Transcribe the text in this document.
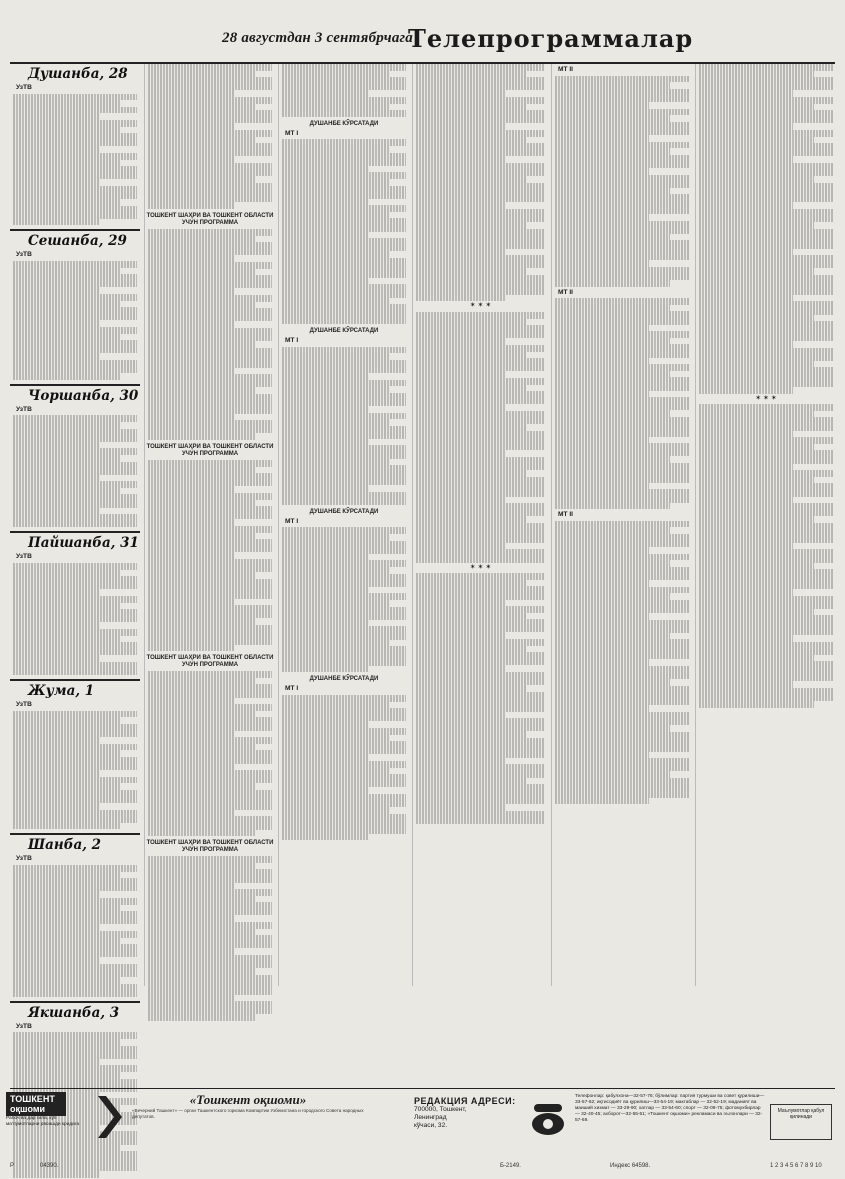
28 августдан 3 сентябрчага
Телепрограммалар
Душанба, 28
УзТВ
Сешанба, 29
УзТВ
Чоршанба, 30
УзТВ
Пайшанба, 31
УзТВ
Жума, 1
УзТВ
Шанба, 2
УзТВ
Якшанба, 3
УзТВ
ТОШКЕНТ ШАҲРИ ВА ТОШКЕНТ ОБЛАСТИ УЧУН ПРОГРАММА
ТОШКЕНТ ШАҲРИ ВА ТОШКЕНТ ОБЛАСТИ УЧУН ПРОГРАММА
ТОШКЕНТ ШАҲРИ ВА ТОШКЕНТ ОБЛАСТИ УЧУН ПРОГРАММА
ТОШКЕНТ ШАҲРИ ВА ТОШКЕНТ ОБЛАСТИ УЧУН ПРОГРАММА
ДУШАНБЕ КЎРСАТАДИ
МТ I
ДУШАНБЕ КЎРСАТАДИ
МТ I
ДУШАНБЕ КЎРСАТАДИ
МТ I
ДУШАНБЕ КЎРСАТАДИ
МТ I
✶ ✶ ✶
✶ ✶ ✶
МТ II
МТ II
МТ II
✶ ✶ ✶
ТОШКЕНТ оқшоми
Рабоч ва дар гила, кўп ма'лумотларни рвоашди кридига
«Тошкент оқшоми»
«Вечерний Ташкент» — орган Ташкентского горкома Компартии Узбекистана и городского Совета народных депутатов.
РЕДАКЦИЯ АДРЕСИ:
700000, Тошкент,
Ленинград
кўчаси, 32.
Телефонлар: қабулхона—32-57-76; бўлимлар: партия турмуши ва совет қурилиши—33-57-62; иқтисодиёт ва қурилиш—33-54-19; мактаблар — 32-52-19; маданият ва маиший хизмат — 33-29-90; хатлар — 33-54-60; спорт — 32-09-75; фотомухбирлар — 32-40-45; ахборот—32-55-51; «Тошкент оқшоми» рекламаси ва эълонлари — 32-57-69.
Маълумотлар қабул қилинади
Р	04390.	Б-2149.	Индекс 64598.	1 2 3 4 5 6 7 8 9 10
